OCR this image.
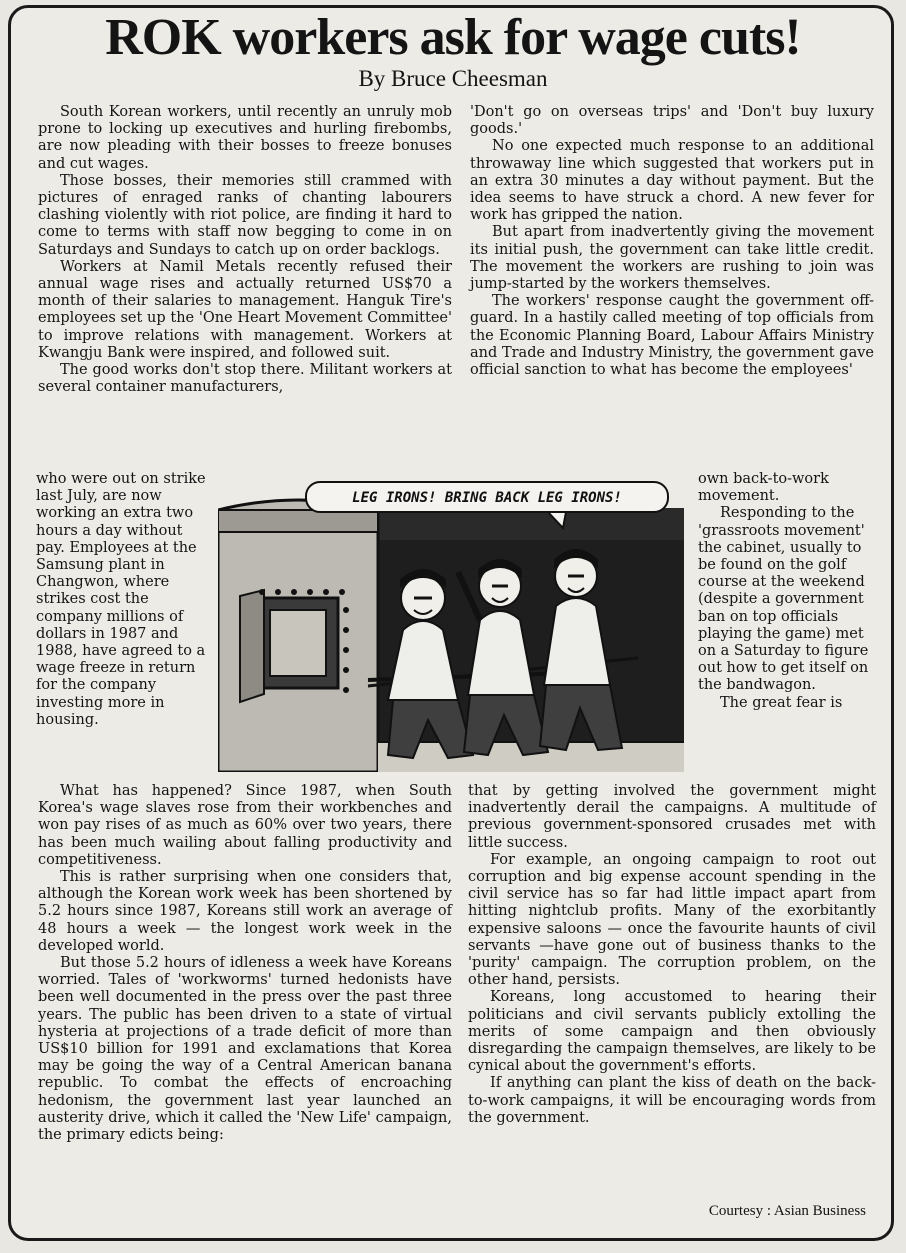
ROK workers ask for wage cuts!
By Bruce Cheesman

South Korean workers, until recently an unruly mob prone to locking up executives and hurling firebombs, are now pleading with their bosses to freeze bonuses and cut wages.

Those bosses, their memories still crammed with pictures of enraged ranks of chanting labourers clashing violently with riot police, are finding it hard to come to terms with staff now begging to come in on Saturdays and Sundays to catch up on order backlogs.

Workers at Namil Metals recently refused their annual wage rises and actually returned US$70 a month of their salaries to management. Hanguk Tire's employees set up the 'One Heart Movement Committee' to improve relations with management. Workers at Kwangju Bank were inspired, and followed suit.

The good works don't stop there. Militant workers at several container manufacturers,

'Don't go on overseas trips' and 'Don't buy luxury goods.'

No one expected much response to an additional throwaway line which suggested that workers put in an extra 30 minutes a day without payment. But the idea seems to have struck a chord. A new fever for work has gripped the nation.

But apart from inadvertently giving the movement its initial push, the government can take little credit. The movement the workers are rushing to join was jump-started by the workers themselves.

The workers' response caught the government off-guard. In a hastily called meeting of top officials from the Economic Planning Board, Labour Affairs Ministry and Trade and Industry Ministry, the government gave official sanction to what has become the employees'

who were out on strike last July, are now working an extra two hours a day without pay. Employees at the Samsung plant in Changwon, where strikes cost the company millions of dollars in 1987 and 1988, have agreed to a wage freeze in return for the company investing more in housing.

LEG IRONS! BRING BACK LEG IRONS!

own back-to-work movement.

Responding to the 'grassroots movement' the cabinet, usually to be found on the golf course at the weekend (despite a government ban on top officials playing the game) met on a Saturday to figure out how to get itself on the bandwagon.

The great fear is

What has happened? Since 1987, when South Korea's wage slaves rose from their workbenches and won pay rises of as much as 60% over two years, there has been much wailing about falling productivity and competitiveness.

This is rather surprising when one considers that, although the Korean work week has been shortened by 5.2 hours since 1987, Koreans still work an average of 48 hours a week — the longest work week in the developed world.

But those 5.2 hours of idleness a week have Koreans worried. Tales of 'workworms' turned hedonists have been well documented in the press over the past three years. The public has been driven to a state of virtual hysteria at projections of a trade deficit of more than US$10 billion for 1991 and exclamations that Korea may be going the way of a Central American banana republic. To combat the effects of encroaching hedonism, the government last year launched an austerity drive, which it called the 'New Life' campaign, the primary edicts being:

that by getting involved the government might inadvertently derail the campaigns. A multitude of previous government-sponsored crusades met with little success.

For example, an ongoing campaign to root out corruption and big expense account spending in the civil service has so far had little impact apart from hitting nightclub profits. Many of the exorbitantly expensive saloons — once the favourite haunts of civil servants —have gone out of business thanks to the 'purity' campaign. The corruption problem, on the other hand, persists.

Koreans, long accustomed to hearing their politicians and civil servants publicly extolling the merits of some campaign and then obviously disregarding the campaign themselves, are likely to be cynical about the government's efforts.

If anything can plant the kiss of death on the back-to-work campaigns, it will be encouraging words from the government.

Courtesy : Asian Business
